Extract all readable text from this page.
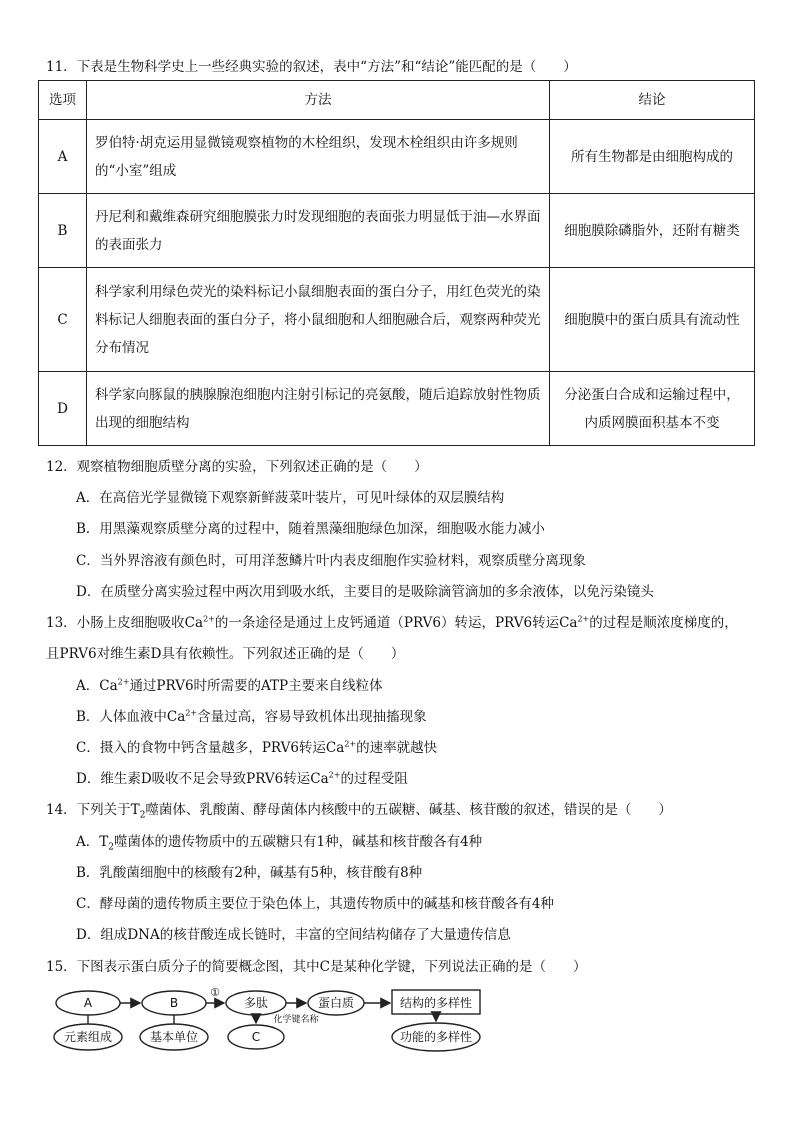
11．下表是生物科学史上一些经典实验的叙述，表中“方法”和“结论”能匹配的是（　　）
选项	方法	结论
A	罗伯特·胡克运用显微镜观察植物的木栓组织，发现木栓组织由许多规则的“小室”组成	所有生物都是由细胞构成的
B	丹尼利和戴维森研究细胞膜张力时发现细胞的表面张力明显低于油—水界面的表面张力	细胞膜除磷脂外，还附有糖类
C	科学家利用绿色荧光的染料标记小鼠细胞表面的蛋白分子，用红色荧光的染料标记人细胞表面的蛋白分子，将小鼠细胞和人细胞融合后，观察两种荧光分布情况	细胞膜中的蛋白质具有流动性
D	科学家向豚鼠的胰腺腺泡细胞内注射引标记的亮氨酸，随后追踪放射性物质出现的细胞结构	分泌蛋白合成和运输过程中，内质网膜面积基本不变
12．观察植物细胞质壁分离的实验，下列叙述正确的是（　　）
A．在高倍光学显微镜下观察新鲜菠菜叶装片，可见叶绿体的双层膜结构
B．用黑藻观察质壁分离的过程中，随着黑藻细胞绿色加深，细胞吸水能力减小
C．当外界溶液有颜色时，可用洋葱鳞片叶内表皮细胞作实验材料，观察质壁分离现象
D．在质壁分离实验过程中两次用到吸水纸，主要目的是吸除滴管滴加的多余液体，以免污染镜头
13．小肠上皮细胞吸收$Ca^{2+}$的一条途径是通过上皮钙通道（PRV6）转运，PRV6转运$Ca^{2+}$的过程是顺浓度梯度的，
且PRV6对维生素D具有依赖性。下列叙述正确的是（　　）
A．$Ca^{2+}$通过PRV6时所需要的ATP主要来自线粒体
B．人体血液中$Ca^{2+}$含量过高，容易导致机体出现抽搐现象
C．摄入的食物中钙含量越多，PRV6转运$Ca^{2+}$的速率就越快
D．维生素D吸收不足会导致PRV6转运$Ca^{2+}$的过程受阻
14．下列关于$T_2$噬菌体、乳酸菌、酵母菌体内核酸中的五碳糖、碱基、核苷酸的叙述，错误的是（　　）
A．$T_2$噬菌体的遗传物质中的五碳糖只有1种，碱基和核苷酸各有4种
B．乳酸菌细胞中的核酸有2种，碱基有5种，核苷酸有8种
C．酵母菌的遗传物质主要位于染色体上，其遗传物质中的碱基和核苷酸各有4种
D．组成DNA的核苷酸连成长链时，丰富的空间结构储存了大量遗传信息
15．下图表示蛋白质分子的简要概念图，其中C是某种化学键，下列说法正确的是（　　）
A	B
①
多肽	蛋白质	结构的多样性
元素组成	基本单位
化学键名称
C	功能的多样性
